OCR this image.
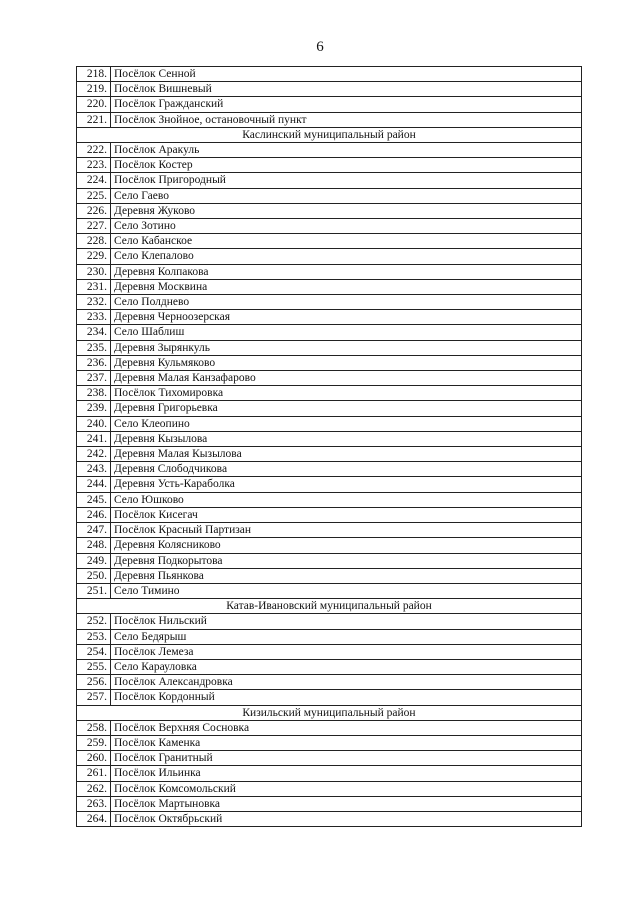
6
218.	Посёлок Сенной
219.	Посёлок Вишневый
220.	Посёлок Гражданский
221.	Посёлок Знойное, остановочный пункт
Каслинский муниципальный район	
222.	Посёлок Аракуль
223.	Посёлок Костер
224.	Посёлок Пригородный
225.	Село Гаево
226.	Деревня Жуково
227.	Село Зотино
228.	Село Кабанское
229.	Село Клепалово
230.	Деревня Колпакова
231.	Деревня Москвина
232.	Село Полднево
233.	Деревня Черноозерская
234.	Село Шаблиш
235.	Деревня Зырянкуль
236.	Деревня Кульмяково
237.	Деревня Малая Канзафарово
238.	Посёлок Тихомировка
239.	Деревня Григорьевка
240.	Село Клеопино
241.	Деревня Кызылова
242.	Деревня Малая Кызылова
243.	Деревня Слободчикова
244.	Деревня Усть-Караболка
245.	Село Юшково
246.	Посёлок Кисегач
247.	Посёлок Красный Партизан
248.	Деревня Колясниково
249.	Деревня Подкорытова
250.	Деревня Пьянкова
251.	Село Тимино
Катав-Ивановский муниципальный район	
252.	Посёлок Нильский
253.	Село Бедярыш
254.	Посёлок Лемеза
255.	Село Карауловка
256.	Посёлок Александровка
257.	Посёлок Кордонный
Кизильский муниципальный район	
258.	Посёлок Верхняя Сосновка
259.	Посёлок Каменка
260.	Посёлок Гранитный
261.	Посёлок Ильинка
262.	Посёлок Комсомольский
263.	Посёлок Мартыновка
264.	Посёлок Октябрьский
